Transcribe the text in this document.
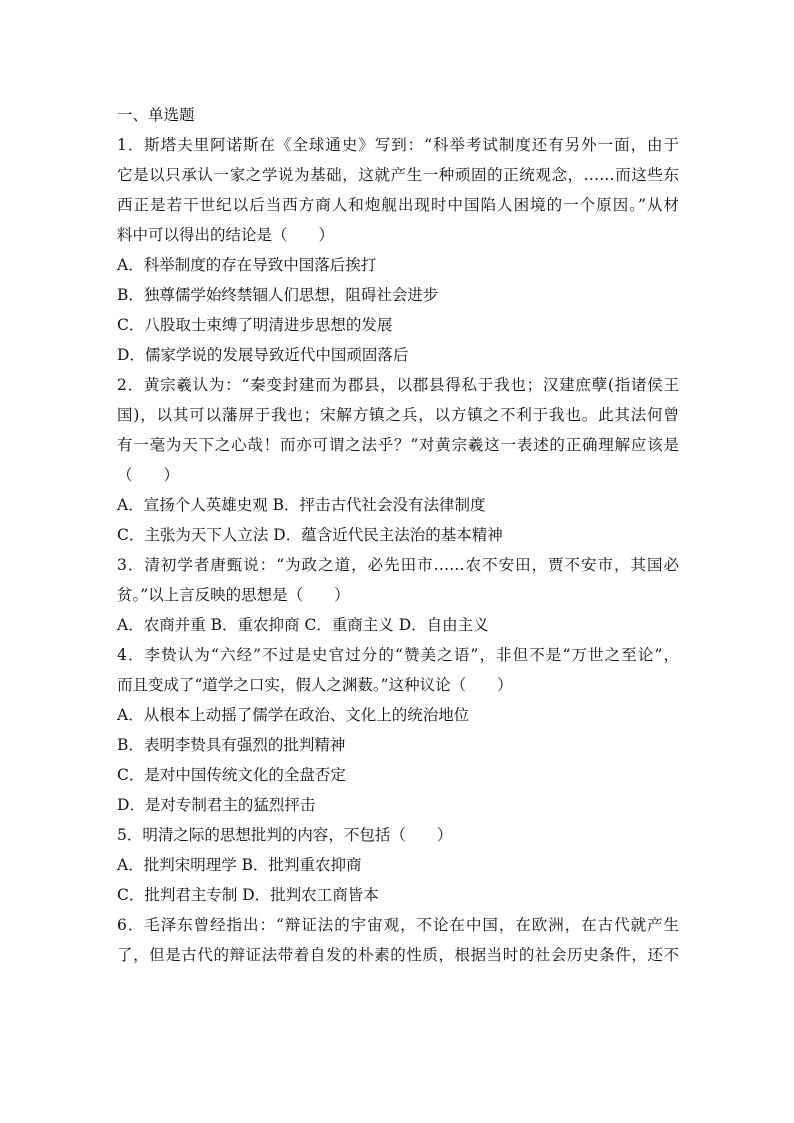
一、单选题
1．斯塔夫里阿诺斯在《全球通史》写到：“科举考试制度还有另外一面，由于
它是以只承认一家之学说为基础，这就产生一种顽固的正统观念，……而这些东
西正是若干世纪以后当西方商人和炮舰出现时中国陷人困境的一个原因。”从材
料中可以得出的结论是（　　）
A．科举制度的存在导致中国落后挨打
B．独尊儒学始终禁锢人们思想，阻碍社会进步
C．八股取士束缚了明清进步思想的发展
D．儒家学说的发展导致近代中国顽固落后
2．黄宗羲认为：“秦变封建而为郡县，以郡县得私于我也；汉建庶孽(指诸侯王
国)，以其可以藩屏于我也；宋解方镇之兵，以方镇之不利于我也。此其法何曾
有一毫为天下之心哉！而亦可谓之法乎？”对黄宗羲这一表述的正确理解应该是
（　　）
A．宣扬个人英雄史观 B．抨击古代社会没有法律制度
C．主张为天下人立法 D．蕴含近代民主法治的基本精神
3．清初学者唐甄说：“为政之道，必先田市……农不安田，贾不安市，其国必
贫。”以上言反映的思想是（　　）
A．农商并重 B．重农抑商 C．重商主义 D．自由主义
4．李贽认为“六经”不过是史官过分的“赞美之语”，非但不是“万世之至论”，
而且变成了“道学之口实，假人之渊薮。”这种议论（　　）
A．从根本上动摇了儒学在政治、文化上的统治地位
B．表明李贽具有强烈的批判精神
C．是对中国传统文化的全盘否定
D．是对专制君主的猛烈抨击
5．明清之际的思想批判的内容，不包括（　　）
A．批判宋明理学 B．批判重农抑商
C．批判君主专制 D．批判农工商皆本
6．毛泽东曾经指出：“辩证法的宇宙观，不论在中国，在欧洲，在古代就产生
了，但是古代的辩证法带着自发的朴素的性质，根据当时的社会历史条件，还不
